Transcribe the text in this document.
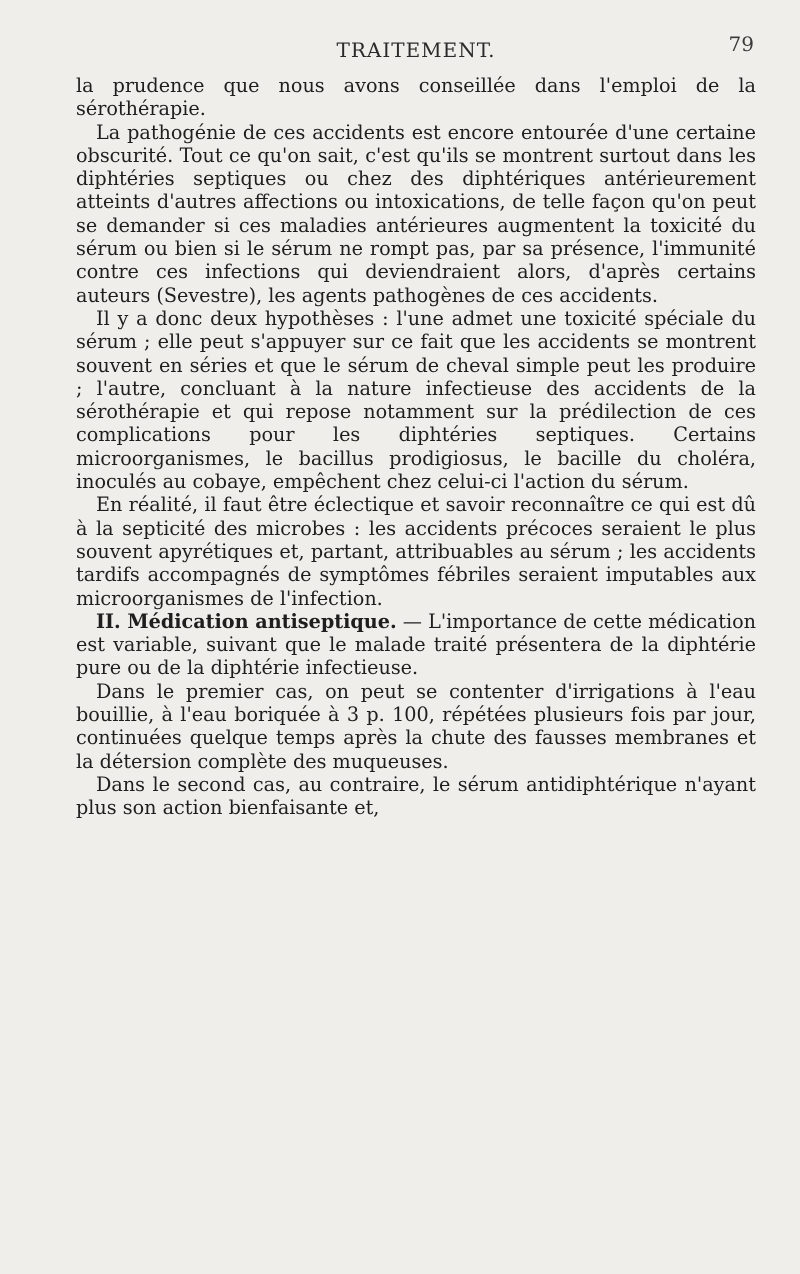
TRAITEMENT.	79

la prudence que nous avons conseillée dans l'emploi de la sérothérapie.

La pathogénie de ces accidents est encore entourée d'une certaine obscurité. Tout ce qu'on sait, c'est qu'ils se montrent surtout dans les diphtéries septiques ou chez des diphtériques antérieurement atteints d'autres affections ou intoxications, de telle façon qu'on peut se demander si ces maladies antérieures augmentent la toxicité du sérum ou bien si le sérum ne rompt pas, par sa présence, l'immunité contre ces infections qui deviendraient alors, d'après certains auteurs (Sevestre), les agents pathogènes de ces accidents.

Il y a donc deux hypothèses : l'une admet une toxicité spéciale du sérum ; elle peut s'appuyer sur ce fait que les accidents se montrent souvent en séries et que le sérum de cheval simple peut les produire ; l'autre, concluant à la nature infectieuse des accidents de la sérothérapie et qui repose notamment sur la prédilection de ces complications pour les diphtéries septiques. Certains microorganismes, le bacillus prodigiosus, le bacille du choléra, inoculés au cobaye, empêchent chez celui-ci l'action du sérum.

En réalité, il faut être éclectique et savoir reconnaître ce qui est dû à la septicité des microbes : les accidents précoces seraient le plus souvent apyrétiques et, partant, attribuables au sérum ; les accidents tardifs accompagnés de symptômes fébriles seraient imputables aux microorganismes de l'infection.

II. Médication antiseptique. — L'importance de cette médication est variable, suivant que le malade traité présentera de la diphtérie pure ou de la diphtérie infectieuse.

Dans le premier cas, on peut se contenter d'irrigations à l'eau bouillie, à l'eau boriquée à 3 p. 100, répétées plusieurs fois par jour, continuées quelque temps après la chute des fausses membranes et la détersion complète des muqueuses.

Dans le second cas, au contraire, le sérum antidiphtérique n'ayant plus son action bienfaisante et,
